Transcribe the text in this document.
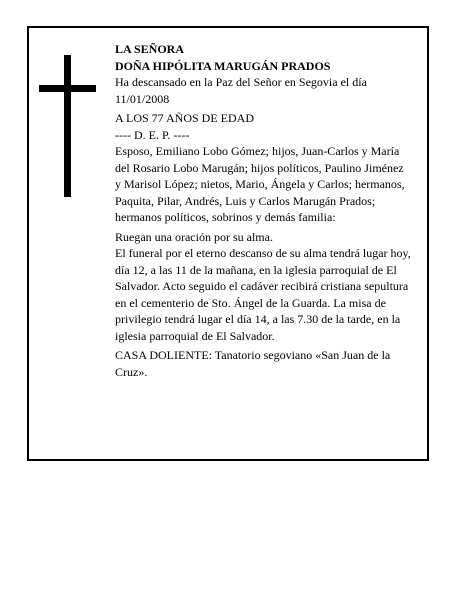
LA SEÑORA

DOÑA HIPÓLITA MARUGÁN PRADOS

Ha descansado en la Paz del Señor en Segovia el día 11/01/2008

A LOS 77 AÑOS DE EDAD

---- D. E. P. ----

Esposo, Emiliano Lobo Gómez; hijos, Juan-Carlos y María del Rosario Lobo Marugán; hijos políticos, Paulino Jiménez y Marisol López; nietos, Mario, Ángela y Carlos; hermanos, Paquita, Pilar, Andrés, Luis y Carlos Marugán Prados; hermanos políticos, sobrinos y demás familia:

Ruegan una oración por su alma.

El funeral por el eterno descanso de su alma tendrá lugar hoy, día 12, a las 11 de la mañana, en la iglesia parroquial de El Salvador. Acto seguido el cadáver recibirá cristiana sepultura en el cementerio de Sto. Ángel de la Guarda. La misa de privilegio tendrá lugar el día 14, a las 7.30 de la tarde, en la iglesia parroquial de El Salvador.

CASA DOLIENTE: Tanatorio segoviano «San Juan de la Cruz».
